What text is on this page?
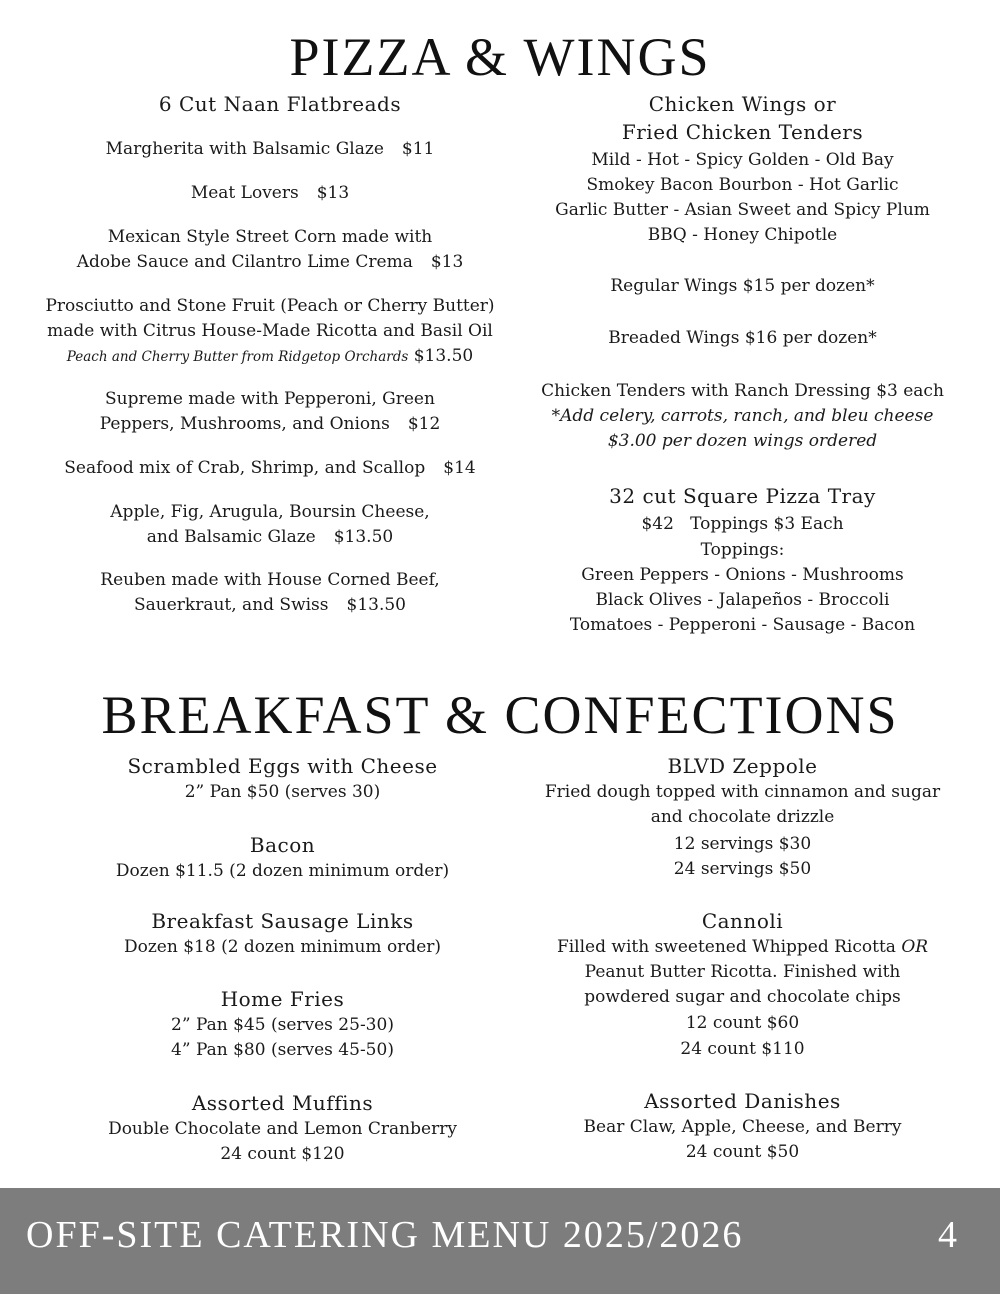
PIZZA & WINGS
6 Cut Naan Flatbreads
Margherita with Balsamic Glaze $11
Meat Lovers $13
Mexican Style Street Corn made with
Adobe Sauce and Cilantro Lime Crema $13
Prosciutto and Stone Fruit (Peach or Cherry Butter)
made with Citrus House-Made Ricotta and Basil Oil
Peach and Cherry Butter from Ridgetop Orchards $13.50
Supreme made with Pepperoni, Green
Peppers, Mushrooms, and Onions $12
Seafood mix of Crab, Shrimp, and Scallop $14
Apple, Fig, Arugula, Boursin Cheese,
and Balsamic Glaze $13.50
Reuben made with House Corned Beef,
Sauerkraut, and Swiss $13.50
Chicken Wings or
Fried Chicken Tenders
Mild - Hot - Spicy Golden - Old Bay
Smokey Bacon Bourbon - Hot Garlic
Garlic Butter - Asian Sweet and Spicy Plum
BBQ - Honey Chipotle
Regular Wings $15 per dozen*
Breaded Wings $16 per dozen*
Chicken Tenders with Ranch Dressing $3 each
*Add celery, carrots, ranch, and bleu cheese
$3.00 per dozen wings ordered
32 cut Square Pizza Tray
$42   Toppings $3 Each
Toppings:
Green Peppers - Onions - Mushrooms
Black Olives - Jalapeños - Broccoli
Tomatoes - Pepperoni - Sausage - Bacon
BREAKFAST & CONFECTIONS
Scrambled Eggs with Cheese
2” Pan $50 (serves 30)
Bacon
Dozen $11.5 (2 dozen minimum order)
Breakfast Sausage Links
Dozen $18 (2 dozen minimum order)
Home Fries
2” Pan $45 (serves 25-30)
4” Pan $80 (serves 45-50)
Assorted Muffins
Double Chocolate and Lemon Cranberry
24 count $120
BLVD Zeppole
Fried dough topped with cinnamon and sugar
and chocolate drizzle
12 servings $30
24 servings $50
Cannoli
Filled with sweetened Whipped Ricotta OR
Peanut Butter Ricotta. Finished with
powdered sugar and chocolate chips
12 count $60
24 count $110
Assorted Danishes
Bear Claw, Apple, Cheese, and Berry
24 count $50
OFF-SITE CATERING MENU 2025/2026	4
